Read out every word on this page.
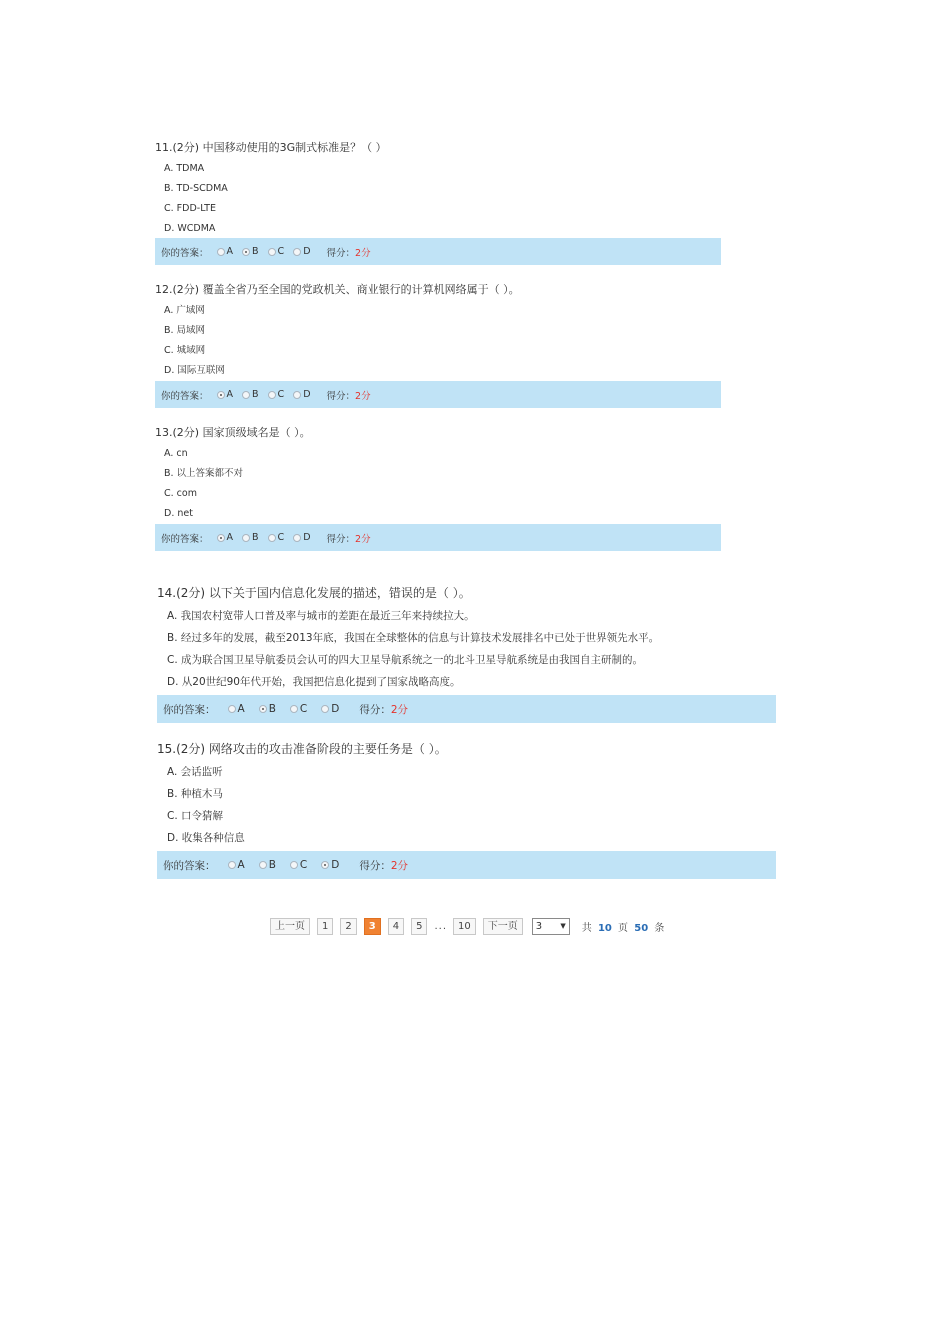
11.(2分) 中国移动使用的3G制式标准是？（ ）
A. TDMA
B. TD-SCDMA
C. FDD-LTE
D. WCDMA
你的答案： A B C D 得分： 2分
12.(2分) 覆盖全省乃至全国的党政机关、商业银行的计算机网络属于（ ）。
A. 广域网
B. 局域网
C. 城域网
D. 国际互联网
你的答案： A B C D 得分： 2分
13.(2分) 国家顶级域名是（ ）。
A. cn
B. 以上答案都不对
C. com
D. net
你的答案： A B C D 得分： 2分
14.(2分) 以下关于国内信息化发展的描述，错误的是（ ）。
A. 我国农村宽带人口普及率与城市的差距在最近三年来持续拉大。
B. 经过多年的发展，截至2013年底，我国在全球整体的信息与计算技术发展排名中已处于世界领先水平。
C. 成为联合国卫星导航委员会认可的四大卫星导航系统之一的北斗卫星导航系统是由我国自主研制的。
D. 从20世纪90年代开始，我国把信息化提到了国家战略高度。
你的答案： A B C D 得分： 2分
15.(2分) 网络攻击的攻击准备阶段的主要任务是（ ）。
A. 会话监听
B. 种植木马
C. 口令猜解
D. 收集各种信息
你的答案： A B C D 得分： 2分
上一页	1	2	3	4	5	...	10	下一页	3	▼ 共 10 页 50 条
